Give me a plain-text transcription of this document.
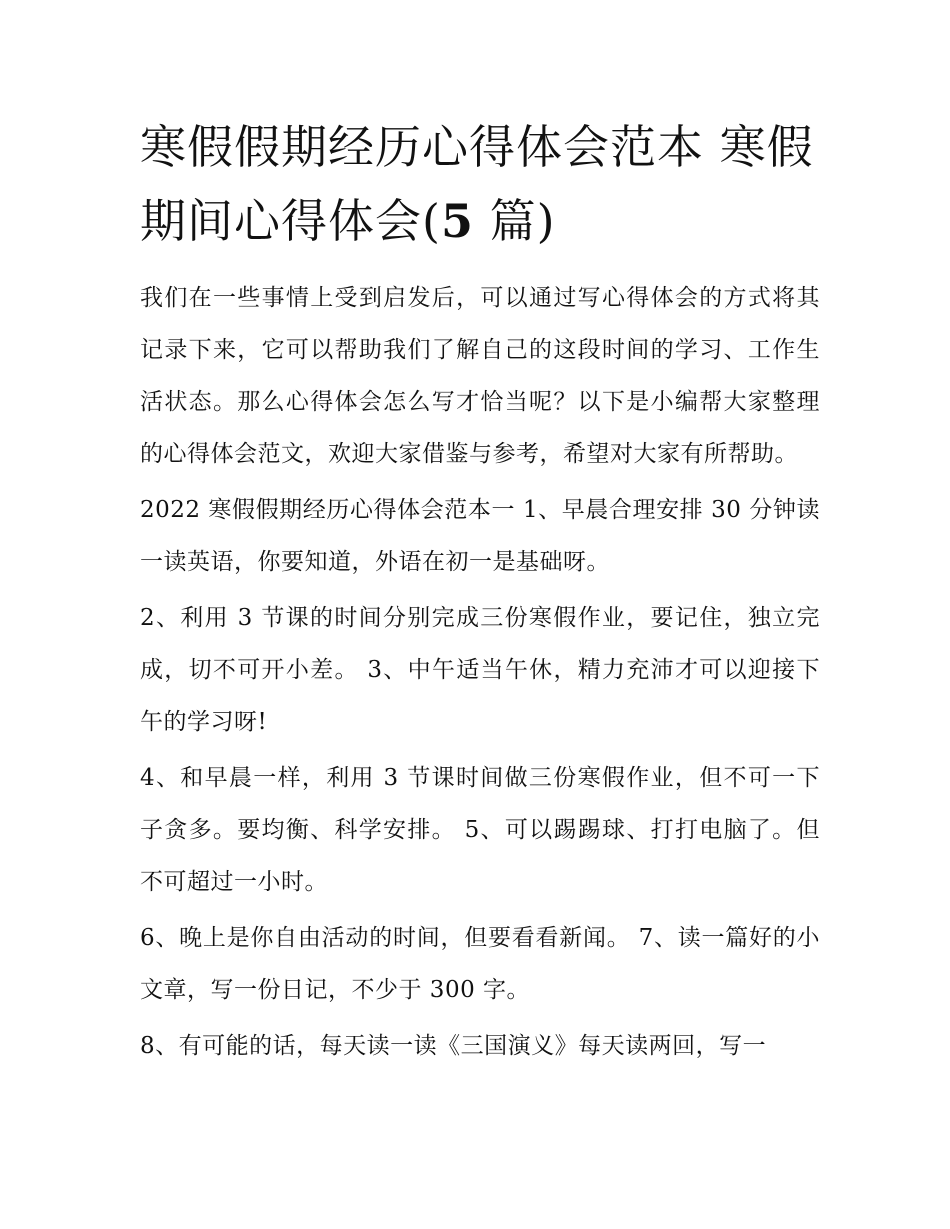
寒假假期经历心得体会范本 寒假期间心得体会(5 篇)

我们在一些事情上受到启发后，可以通过写心得体会的方式将其记录下来，它可以帮助我们了解自己的这段时间的学习、工作生活状态。那么心得体会怎么写才恰当呢？以下是小编帮大家整理的心得体会范文，欢迎大家借鉴与参考，希望对大家有所帮助。

2022 寒假假期经历心得体会范本一 1、早晨合理安排 30 分钟读一读英语，你要知道，外语在初一是基础呀。

2、利用 3 节课的时间分别完成三份寒假作业，要记住，独立完成，切不可开小差。 3、中午适当午休，精力充沛才可以迎接下午的学习呀!

4、和早晨一样，利用 3 节课时间做三份寒假作业，但不可一下子贪多。要均衡、科学安排。 5、可以踢踢球、打打电脑了。但不可超过一小时。

6、晚上是你自由活动的时间，但要看看新闻。 7、读一篇好的小文章，写一份日记，不少于 300 字。

8、有可能的话，每天读一读《三国演义》每天读两回，写一
